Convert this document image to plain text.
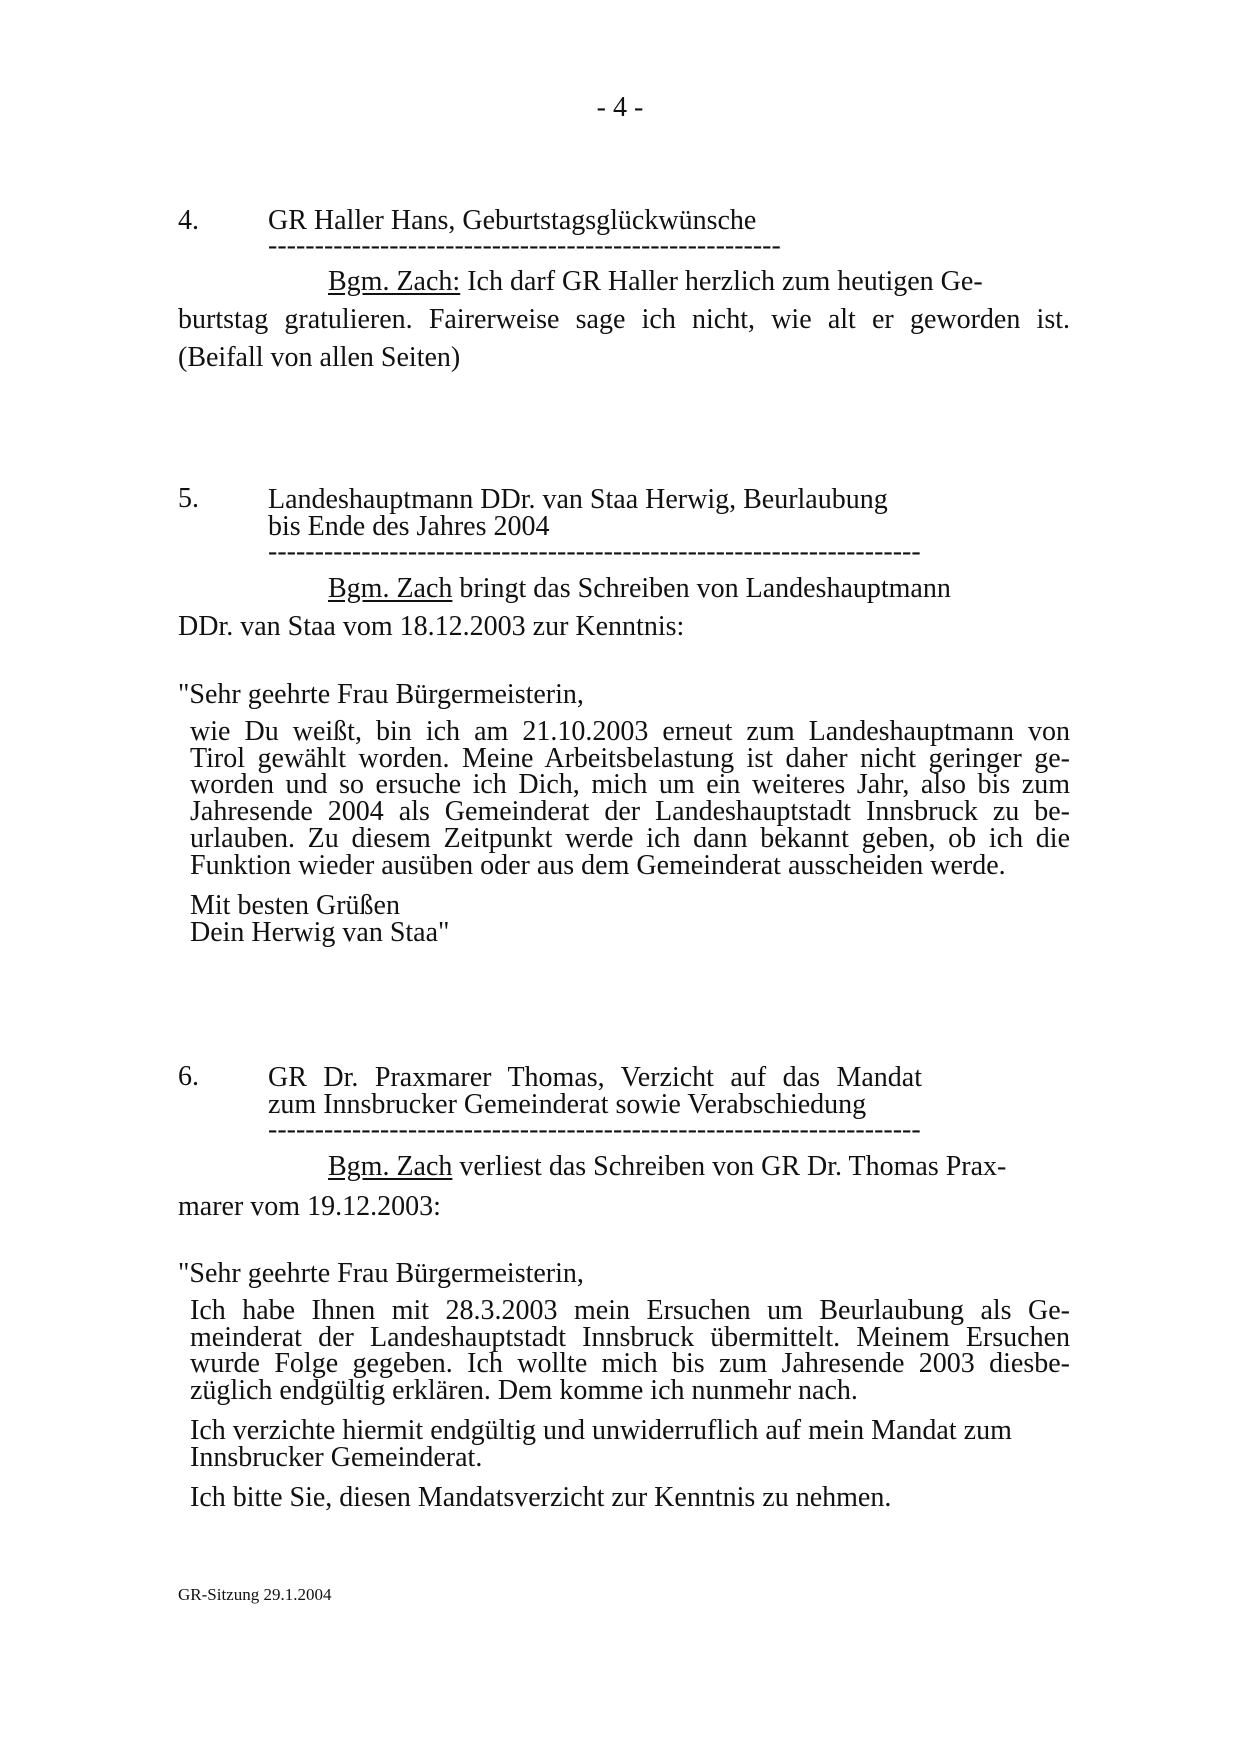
- 4 -
4. GR Haller Hans, Geburtstagsglückwünsche
-----
Bgm. Zach: Ich darf GR Haller herzlich zum heutigen Ge-
burtstag gratulieren. Fairerweise sage ich nicht, wie alt er geworden ist.
(Beifall von allen Seiten)
5. Landeshauptmann DDr. van Staa Herwig, Beurlaubung
bis Ende des Jahres 2004
-----
Bgm. Zach bringt das Schreiben von Landeshauptmann
DDr. van Staa vom 18.12.2003 zur Kenntnis:
"Sehr geehrte Frau Bürgermeisterin,
wie Du weißt, bin ich am 21.10.2003 erneut zum Landeshauptmann von
Tirol gewählt worden. Meine Arbeitsbelastung ist daher nicht geringer ge-
worden und so ersuche ich Dich, mich um ein weiteres Jahr, also bis zum
Jahresende 2004 als Gemeinderat der Landeshauptstadt Innsbruck zu be-
urlauben. Zu diesem Zeitpunkt werde ich dann bekannt geben, ob ich die
Funktion wieder ausüben oder aus dem Gemeinderat ausscheiden werde.
Mit besten Grüßen
Dein Herwig van Staa"
6. GR Dr. Praxmarer Thomas, Verzicht auf das Mandat
zum Innsbrucker Gemeinderat sowie Verabschiedung
-----
Bgm. Zach verliest das Schreiben von GR Dr. Thomas Prax-
marer vom 19.12.2003:
"Sehr geehrte Frau Bürgermeisterin,
Ich habe Ihnen mit 28.3.2003 mein Ersuchen um Beurlaubung als Ge-
meinderat der Landeshauptstadt Innsbruck übermittelt. Meinem Ersuchen
wurde Folge gegeben. Ich wollte mich bis zum Jahresende 2003 diesbe-
züglich endgültig erklären. Dem komme ich nunmehr nach.
Ich verzichte hiermit endgültig und unwiderruflich auf mein Mandat zum
Innsbrucker Gemeinderat.
Ich bitte Sie, diesen Mandatsverzicht zur Kenntnis zu nehmen.
GR-Sitzung 29.1.2004
